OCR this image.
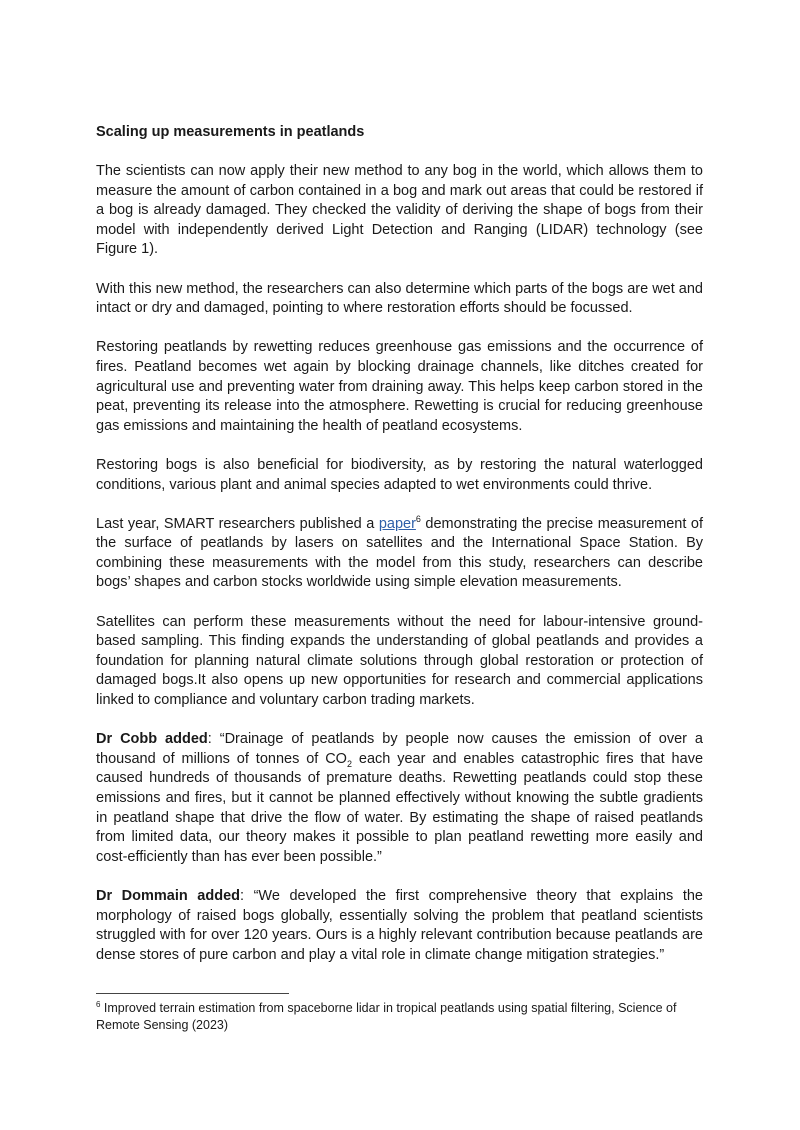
Scaling up measurements in peatlands

The scientists can now apply their new method to any bog in the world, which allows them to measure the amount of carbon contained in a bog and mark out areas that could be restored if a bog is already damaged. They checked the validity of deriving the shape of bogs from their model with independently derived Light Detection and Ranging (LIDAR) technology (see Figure 1).

With this new method, the researchers can also determine which parts of the bogs are wet and intact or dry and damaged, pointing to where restoration efforts should be focussed.

Restoring peatlands by rewetting reduces greenhouse gas emissions and the occurrence of fires. Peatland becomes wet again by blocking drainage channels, like ditches created for agricultural use and preventing water from draining away. This helps keep carbon stored in the peat, preventing its release into the atmosphere. Rewetting is crucial for reducing greenhouse gas emissions and maintaining the health of peatland ecosystems.

Restoring bogs is also beneficial for biodiversity, as by restoring the natural waterlogged conditions, various plant and animal species adapted to wet environments could thrive.

Last year, SMART researchers published a paper$^6$ demonstrating the precise measurement of the surface of peatlands by lasers on satellites and the International Space Station. By combining these measurements with the model from this study, researchers can describe bogs’ shapes and carbon stocks worldwide using simple elevation measurements.

Satellites can perform these measurements without the need for labour-intensive ground-based sampling. This finding expands the understanding of global peatlands and provides a foundation for planning natural climate solutions through global restoration or protection of damaged bogs.It also opens up new opportunities for research and commercial applications linked to compliance and voluntary carbon trading markets.

Dr Cobb added: “Drainage of peatlands by people now causes the emission of over a thousand of millions of tonnes of $CO_2$ each year and enables catastrophic fires that have caused hundreds of thousands of premature deaths. Rewetting peatlands could stop these emissions and fires, but it cannot be planned effectively without knowing the subtle gradients in peatland shape that drive the flow of water. By estimating the shape of raised peatlands from limited data, our theory makes it possible to plan peatland rewetting more easily and cost-efficiently than has ever been possible.”

Dr Dommain added: “We developed the first comprehensive theory that explains the morphology of raised bogs globally, essentially solving the problem that peatland scientists struggled with for over 120 years. Ours is a highly relevant contribution because peatlands are dense stores of pure carbon and play a vital role in climate change mitigation strategies.”

$^6$ Improved terrain estimation from spaceborne lidar in tropical peatlands using spatial filtering, Science of Remote Sensing (2023)
